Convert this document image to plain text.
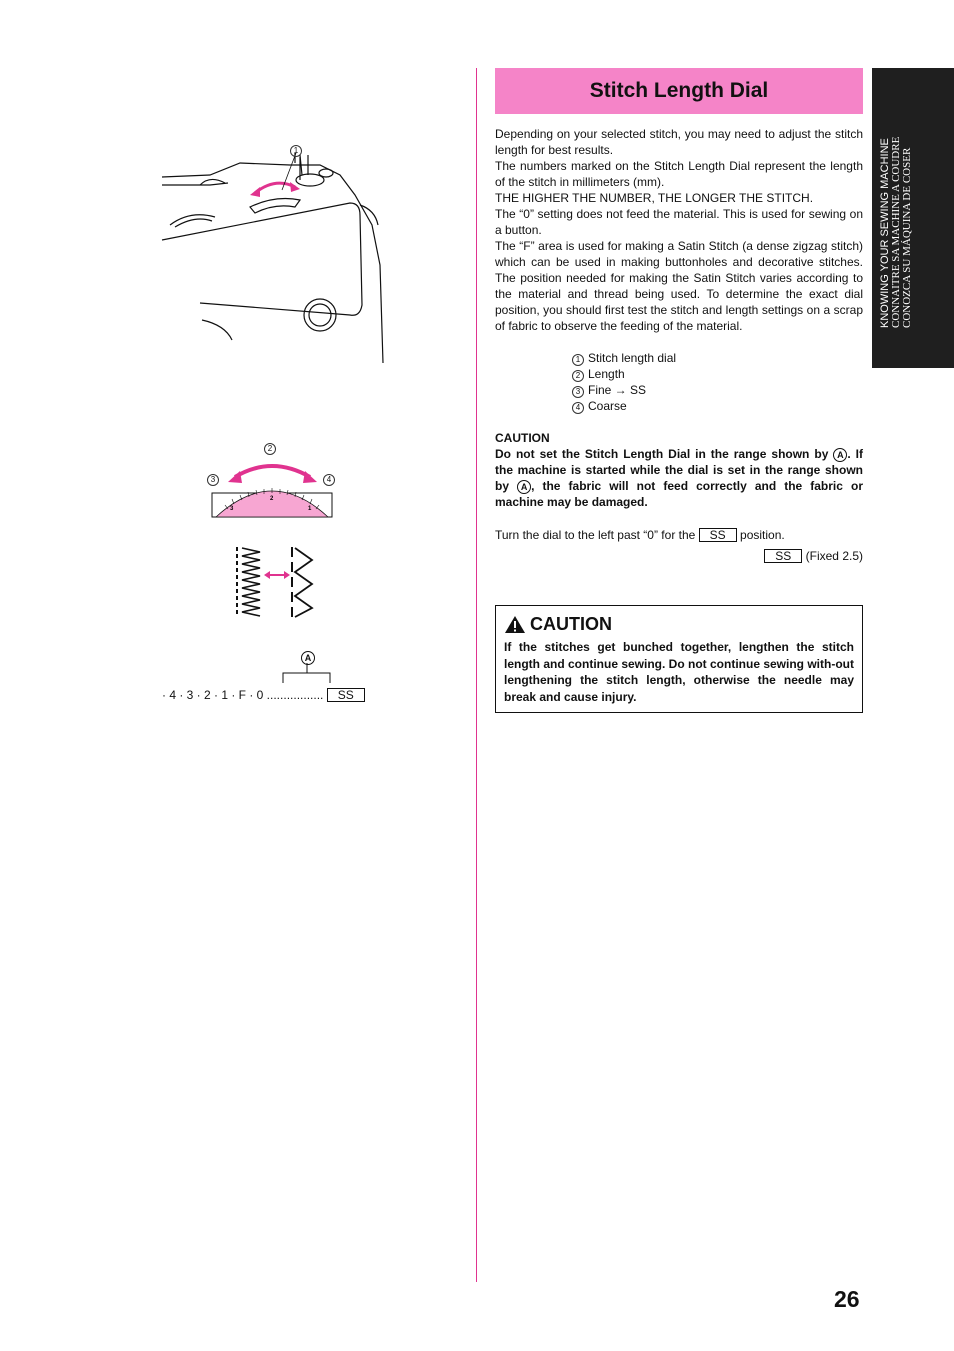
Stitch Length Dial
KNOWING YOUR SEWING MACHINE CONNAITRE SA MACHINE A COUDRE CONOZCA SU MÁQUINA DE COSER

Depending on your selected stitch, you may need to adjust the stitch length for best results.

The numbers marked on the Stitch Length Dial represent the length of the stitch in millimeters (mm).

THE HIGHER THE NUMBER, THE LONGER THE STITCH.

The “0” setting does not feed the material. This is used for sewing on a button.

The “F” area is used for making a Satin Stitch (a dense zigzag stitch) which can be used in making buttonholes and decorative stitches. The position needed for making the Satin Stitch varies according to the material and thread being used. To determine the exact dial position, you should first test the stitch and length settings on a scrap of fabric to observe the feeding of the material.

1 Stitch length dial
2 Length
3 Fine → SS
4 Coarse
CAUTION
Do not set the Stitch Length Dial in the range shown by A . If the machine is started while the dial is set in the range shown by A , the fabric will not feed correctly and the fabric or machine may be damaged.
Turn the dial to the left past “0” for the SS position.
SS (Fixed 2.5)
CAUTION
If the stitches get bunched together, lengthen the stitch length and continue sewing. Do not continue sewing with-out lengthening the stitch length, otherwise the needle may break and cause injury.
1
2
3	4
3
2
1
A
· 4 · 3 · 2 · 1 · F · 0 ................. SS
26
